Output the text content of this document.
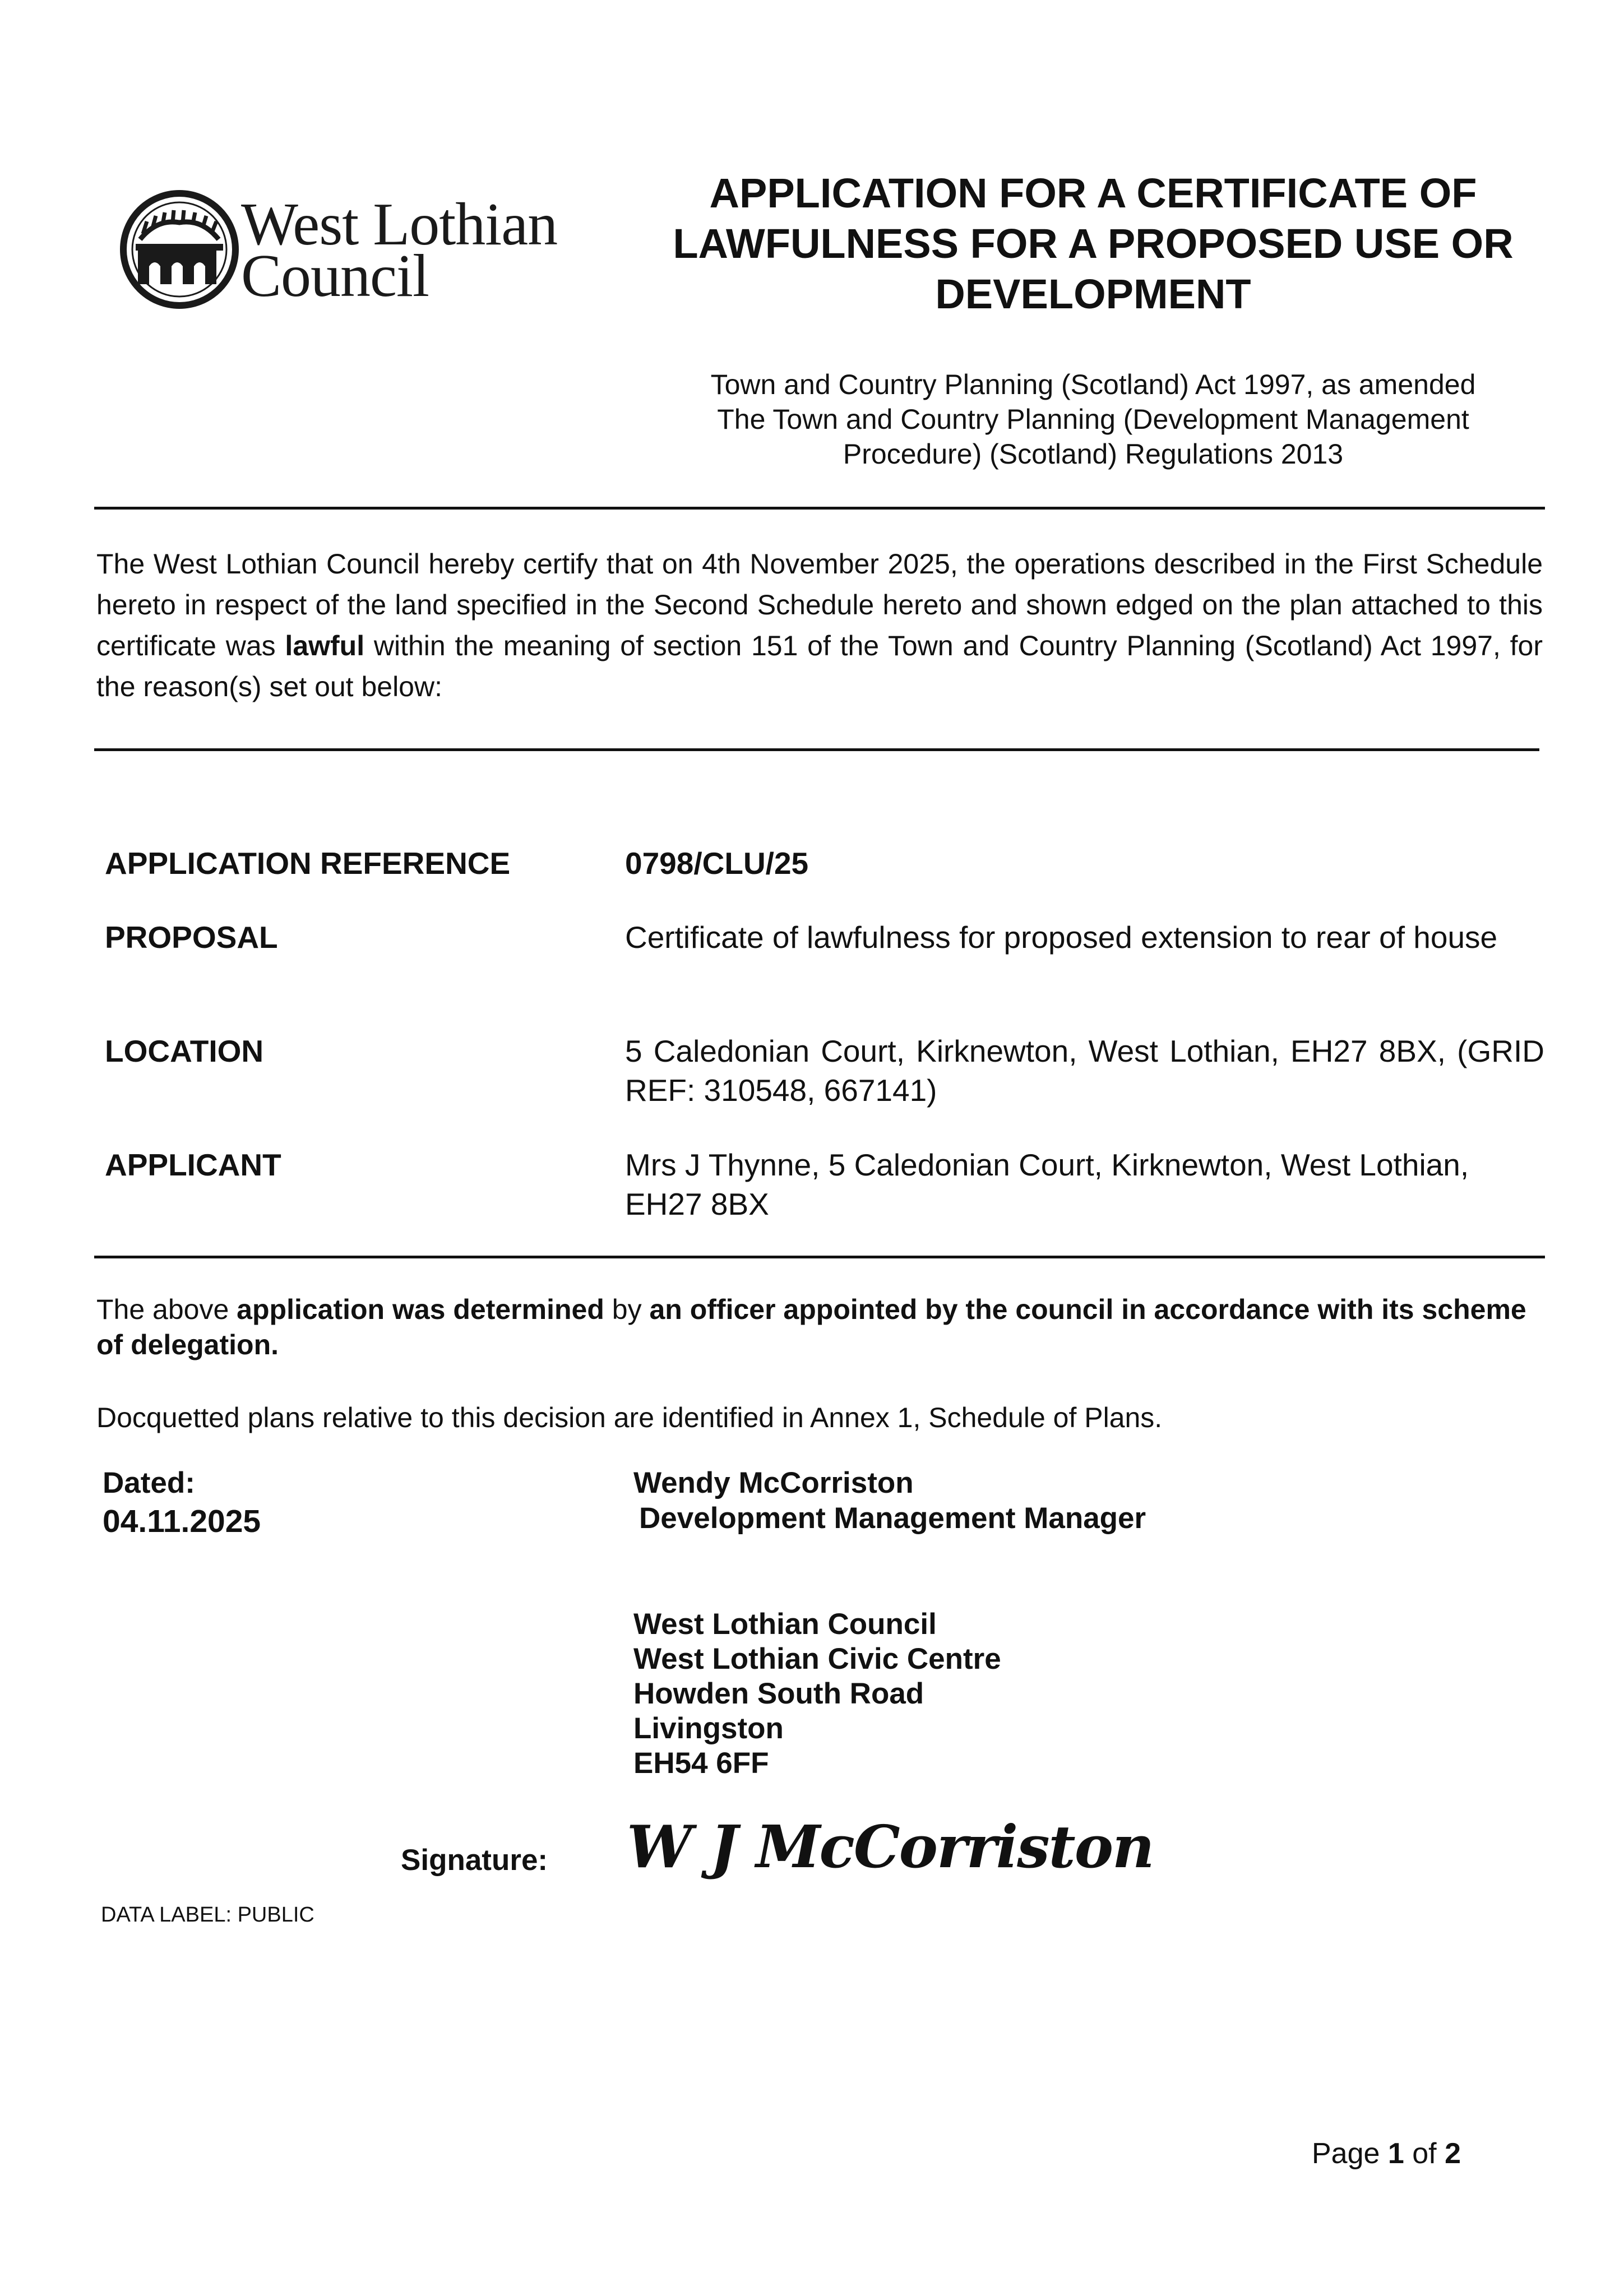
West Lothian
Council
APPLICATION FOR A CERTIFICATE OF
LAWFULNESS FOR A PROPOSED USE OR
DEVELOPMENT
Town and Country Planning (Scotland) Act 1997, as amended
The Town and Country Planning (Development Management
Procedure) (Scotland) Regulations 2013
The West Lothian Council hereby certify that on 4th November 2025, the operations described in the First Schedule hereto in respect of the land specified in the Second Schedule hereto and shown edged on the plan attached to this certificate was lawful within the meaning of section 151 of the Town and Country Planning (Scotland) Act 1997, for the reason(s) set out below:
APPLICATION REFERENCE	0798/CLU/25
PROPOSAL	Certificate of lawfulness for proposed extension to rear of house
LOCATION	5 Caledonian Court, Kirknewton, West Lothian, EH27 8BX, (GRID REF: 310548, 667141)
APPLICANT	Mrs J Thynne, 5 Caledonian Court, Kirknewton, West Lothian, EH27 8BX
The above application was determined by an officer appointed by the council in accordance with its scheme of delegation.
Docquetted plans relative to this decision are identified in Annex 1, Schedule of Plans.
Dated:
04.11.2025
Wendy McCorriston
Development Management Manager
West Lothian Council
West Lothian Civic Centre
Howden South Road
Livingston
EH54 6FF
Signature: W J McCorriston
DATA LABEL: PUBLIC
Page 1 of 2
